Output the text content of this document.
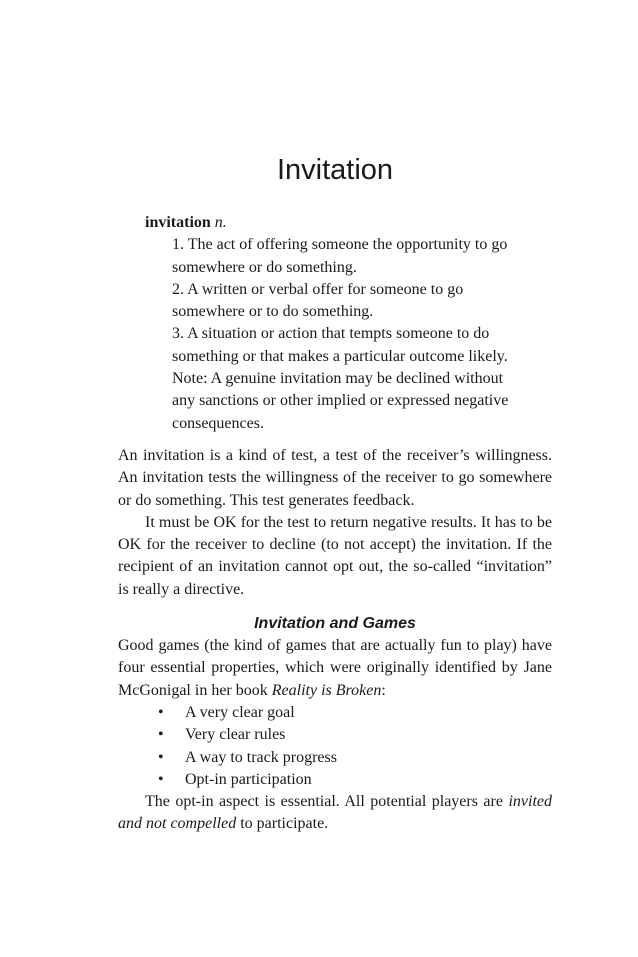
Invitation
invitation n.
1. The act of offering someone the opportunity to go somewhere or do something.
2. A written or verbal offer for someone to go somewhere or to do something.
3. A situation or action that tempts someone to do something or that makes a particular outcome likely.
Note: A genuine invitation may be declined without any sanctions or other implied or expressed negative consequences.

An invitation is a kind of test, a test of the receiver’s willingness. An invitation tests the willingness of the receiver to go somewhere or do something. This test generates feedback.

It must be OK for the test to return negative results. It has to be OK for the receiver to decline (to not accept) the invitation. If the recipient of an invitation cannot opt out, the so-called “invitation” is really a directive.

Invitation and Games

Good games (the kind of games that are actually fun to play) have four essential properties, which were originally identified by Jane McGonigal in her book Reality is Broken:

• A very clear goal
• Very clear rules
• A way to track progress
• Opt-in participation

The opt-in aspect is essential. All potential players are invited and not compelled to participate.
